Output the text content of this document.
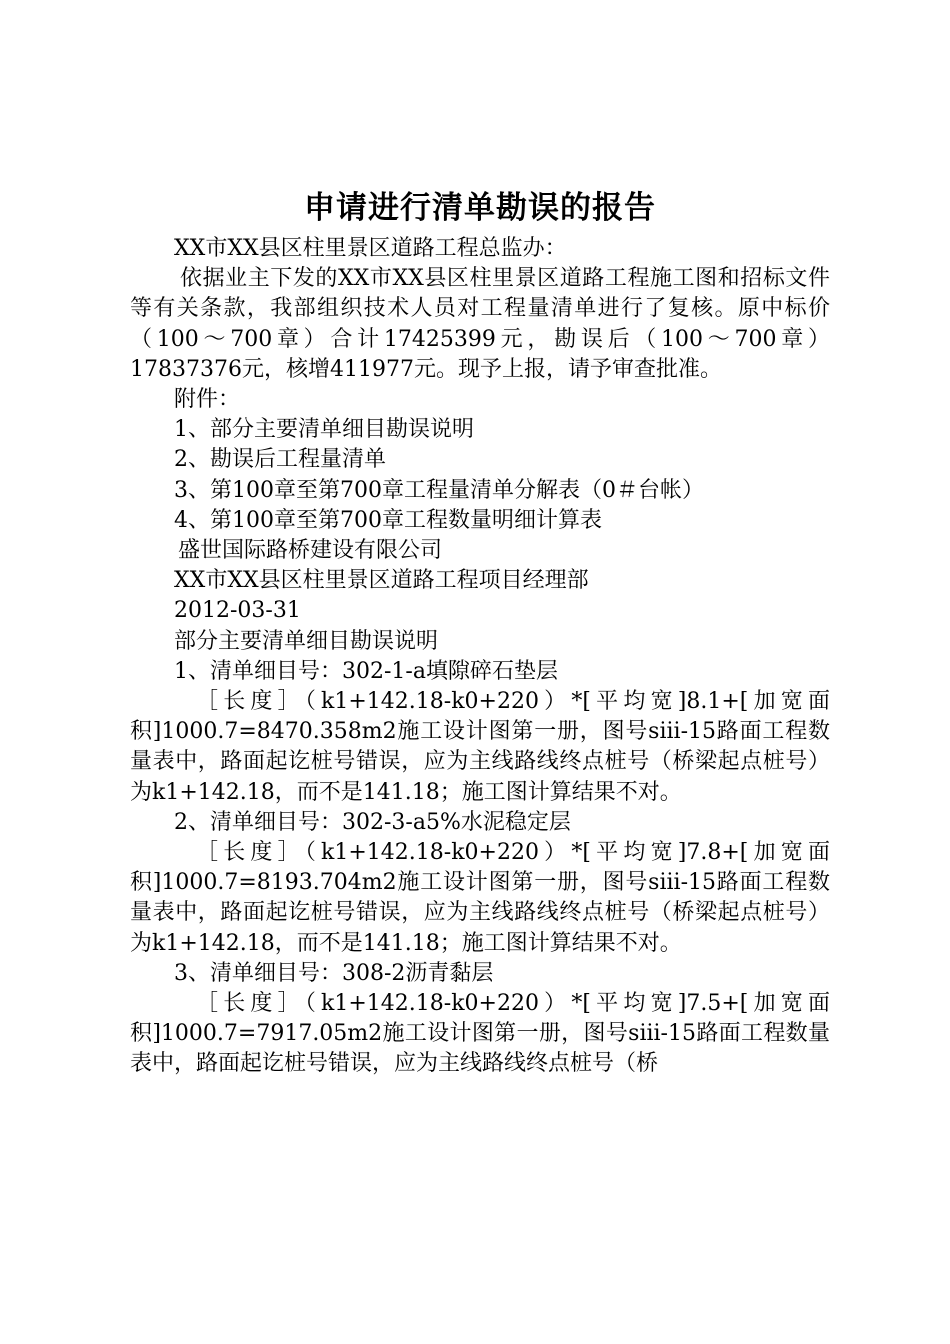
申请进行清单勘误的报告

XX市XX县区柱里景区道路工程总监办：

依据业主下发的XX市XX县区柱里景区道路工程施工图和招标文件等有关条款，我部组织技术人员对工程量清单进行了复核。原中标价（100～700章）合计17425399元，勘误后（100～700章）17837376元，核增411977元。现予上报，请予审查批准。

附件：

1、部分主要清单细目勘误说明

2、勘误后工程量清单

3、第100章至第700章工程量清单分解表（0＃台帐）

4、第100章至第700章工程数量明细计算表

盛世国际路桥建设有限公司

XX市XX县区柱里景区道路工程项目经理部

2012-03-31

部分主要清单细目勘误说明

1、清单细目号：302-1-a填隙碎石垫层

［长度］（k1+142.18-k0+220）*[平均宽]8.1+[加宽面积]1000.7=8470.358m2施工设计图第一册，图号siii-15路面工程数量表中，路面起讫桩号错误，应为主线路线终点桩号（桥梁起点桩号）为k1+142.18，而不是141.18；施工图计算结果不对。

2、清单细目号：302-3-a5%水泥稳定层

［长度］（k1+142.18-k0+220）*[平均宽]7.8+[加宽面积]1000.7=8193.704m2施工设计图第一册，图号siii-15路面工程数量表中，路面起讫桩号错误，应为主线路线终点桩号（桥梁起点桩号）为k1+142.18，而不是141.18；施工图计算结果不对。

3、清单细目号：308-2沥青黏层

［长度］（k1+142.18-k0+220）*[平均宽]7.5+[加宽面积]1000.7=7917.05m2施工设计图第一册，图号siii-15路面工程数量表中，路面起讫桩号错误，应为主线路线终点桩号（桥
